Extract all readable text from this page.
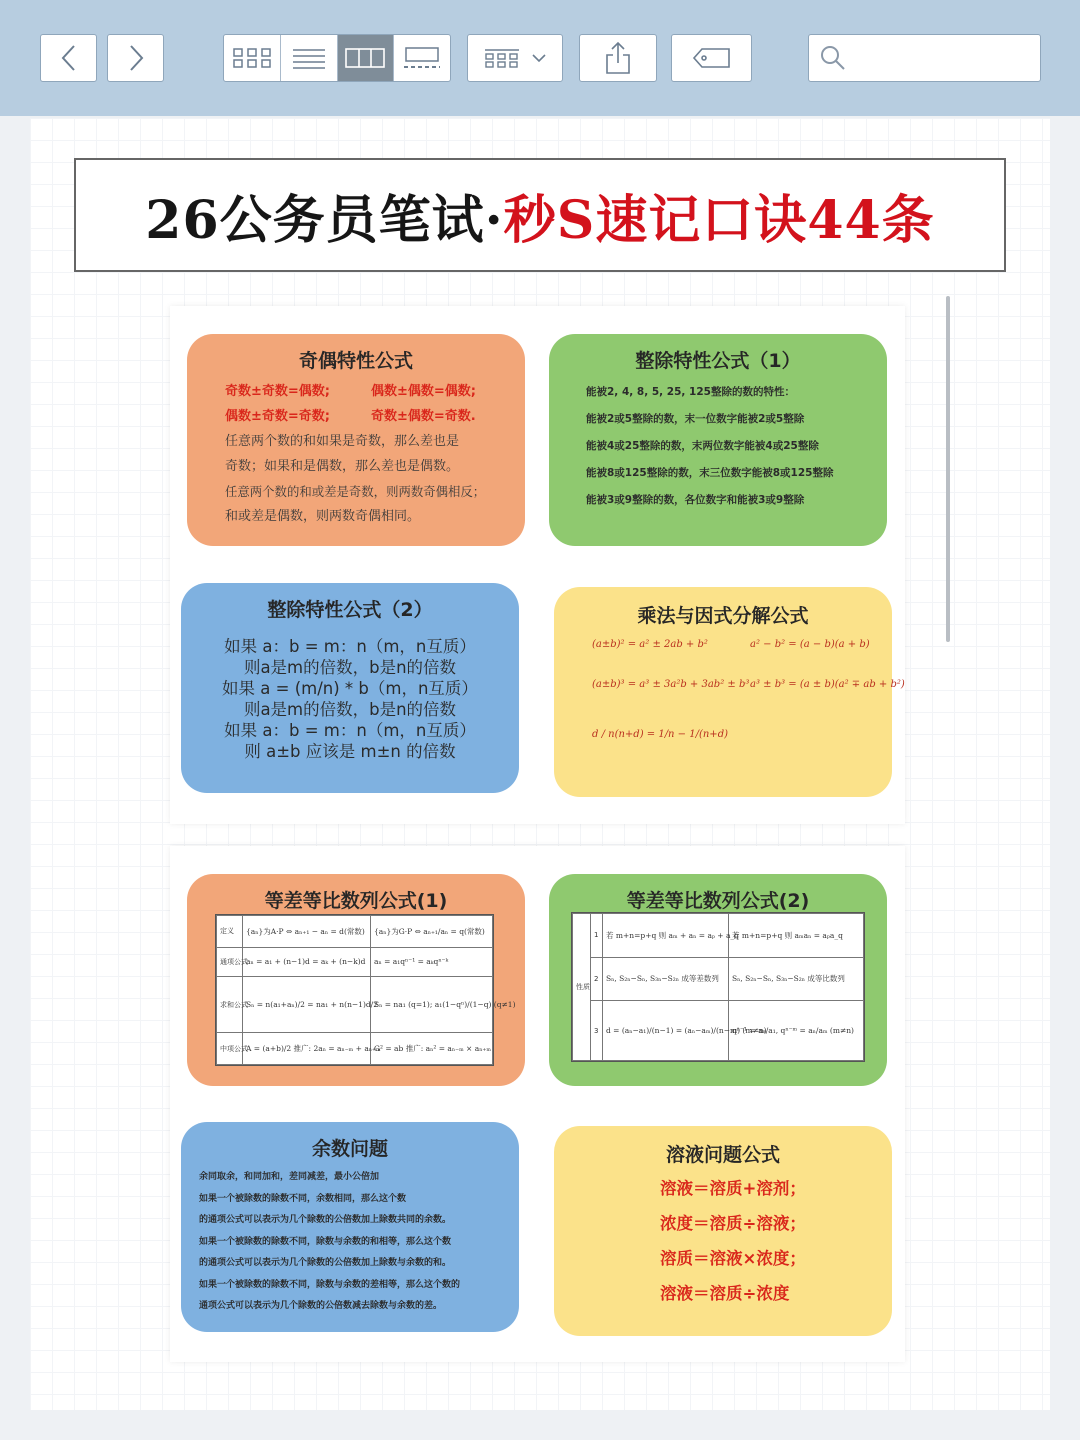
26公务员笔试·秒S速记口诀44条
奇偶特性公式
奇数±奇数=偶数;	偶数±偶数=偶数;
偶数±奇数=奇数;	奇数±偶数=奇数.
任意两个数的和如果是奇数，那么差也是
奇数；如果和是偶数，那么差也是偶数。
任意两个数的和或差是奇数，则两数奇偶相反；
和或差是偶数，则两数奇偶相同。
整除特性公式（1）
能被2, 4, 8, 5, 25, 125整除的数的特性：
能被2或5整除的数，末一位数字能被2或5整除
能被4或25整除的数，末两位数字能被4或25整除
能被8或125整除的数，末三位数字能被8或125整除
能被3或9整除的数，各位数字和能被3或9整除
整除特性公式（2）
如果 a：b = m：n（m，n互质）
则a是m的倍数，b是n的倍数
如果 a = (m/n) * b（m，n互质）
则a是m的倍数，b是n的倍数
如果 a：b = m：n（m，n互质）
则 a±b 应该是 m±n 的倍数
乘法与因式分解公式
(a±b)² = a² ± 2ab + b²	a² − b² = (a − b)(a + b)
(a±b)³ = a³ ± 3a²b + 3ab² ± b³ a³ ± b³ = (a ± b)(a² ∓ ab + b²)
d / n(n+d) = 1/n − 1/(n+d)
等差等比数列公式(1)
定义	{aₙ}为A·P ⇔ aₙ₊₁ − aₙ = d(常数)	{aₙ}为G·P ⇔ aₙ₊₁/aₙ = q(常数)
通项公式	aₙ = a₁ + (n−1)d = aₖ + (n−k)d	aₙ = a₁qⁿ⁻¹ = aₖqⁿ⁻ᵏ
求和公式	Sₙ = n(a₁+aₙ)/2 = na₁ + n(n−1)d/2	Sₙ = na₁ (q=1); a₁(1−qⁿ)/(1−q) (q≠1)
中项公式	A = (a+b)/2 推广: 2aₙ = aₙ₋ₘ + aₙ₊ₘ	G² = ab 推广: aₙ² = aₙ₋ₘ × aₙ₊ₘ
等差等比数列公式(2)
性质	1	若 m+n=p+q 则 aₘ + aₙ = aₚ + a_q	若 m+n=p+q 则 aₘaₙ = aₚa_q
	2	Sₙ, S₂ₙ−Sₙ, S₃ₙ−S₂ₙ 成等差数列	Sₙ, S₂ₙ−Sₙ, S₃ₙ−S₂ₙ 成等比数列
	3	d = (aₙ−a₁)/(n−1) = (aₙ−aₘ)/(n−m) (m≠n)	qⁿ⁻¹ = aₙ/a₁, qⁿ⁻ᵐ = aₙ/aₘ (m≠n)
余数问题
余同取余，和同加和，差同减差，最小公倍加
如果一个被除数的除数不同，余数相同，那么这个数
的通项公式可以表示为几个除数的公倍数加上除数共同的余数。
如果一个被除数的除数不同，除数与余数的和相等，那么这个数
的通项公式可以表示为几个除数的公倍数加上除数与余数的和。
如果一个被除数的除数不同，除数与余数的差相等，那么这个数的
通项公式可以表示为几个除数的公倍数减去除数与余数的差。
溶液问题公式
溶液＝溶质+溶剂；
浓度＝溶质÷溶液；
溶质＝溶液×浓度；
溶液＝溶质÷浓度
